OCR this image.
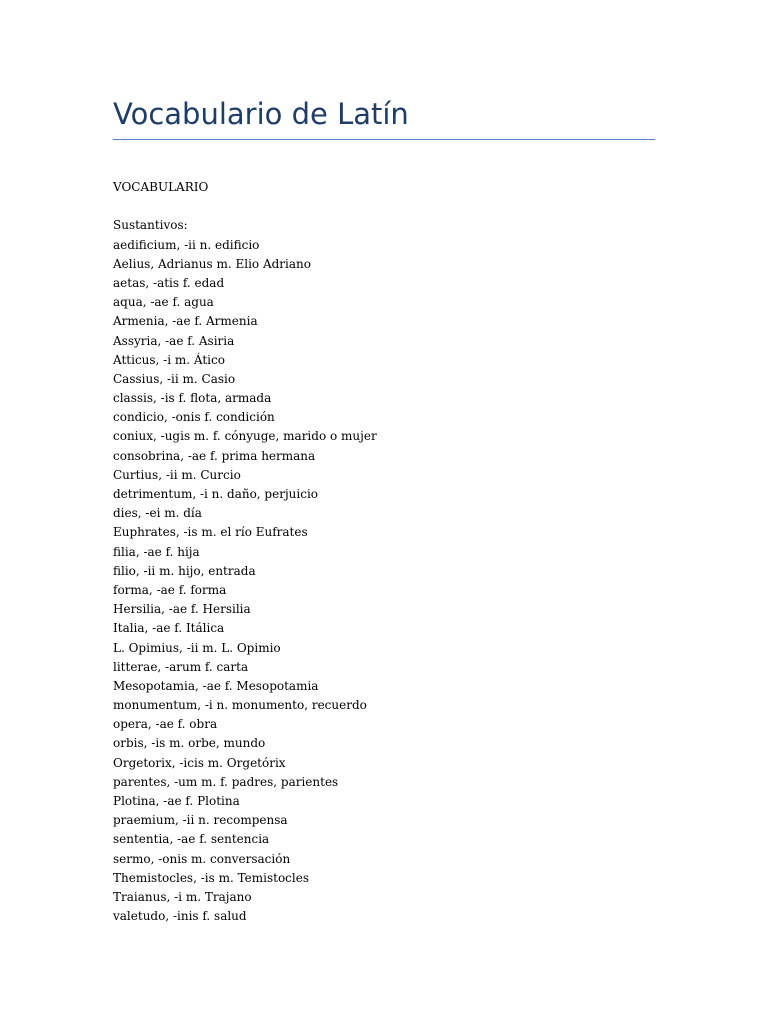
Vocabulario de Latín

VOCABULARIO

Sustantivos:

aedificium, -ii n. edificio
Aelius, Adrianus m. Elio Adriano
aetas, -atis f. edad
aqua, -ae f. agua
Armenia, -ae f. Armenia
Assyria, -ae f. Asiria
Atticus, -i m. Ático
Cassius, -ii m. Casio
classis, -is f. flota, armada
condicio, -onis f. condición
coniux, -ugis m. f. cónyuge, marido o mujer
consobrina, -ae f. prima hermana
Curtius, -ii m. Curcio
detrimentum, -i n. daño, perjuicio
dies, -ei m. día
Euphrates, -is m. el río Eufrates
filia, -ae f. hija
filio, -ii m. hijo, entrada
forma, -ae f. forma
Hersilia, -ae f. Hersilia
Italia, -ae f. Itálica
L. Opimius, -ii m. L. Opimio
litterae, -arum f. carta
Mesopotamia, -ae f. Mesopotamia
monumentum, -i n. monumento, recuerdo
opera, -ae f. obra
orbis, -is m. orbe, mundo
Orgetorix, -icis m. Orgetórix
parentes, -um m. f. padres, parientes
Plotina, -ae f. Plotina
praemium, -ii n. recompensa
sententia, -ae f. sentencia
sermo, -onis m. conversación
Themistocles, -is m. Temistocles
Traianus, -i m. Trajano
valetudo, -inis f. salud
